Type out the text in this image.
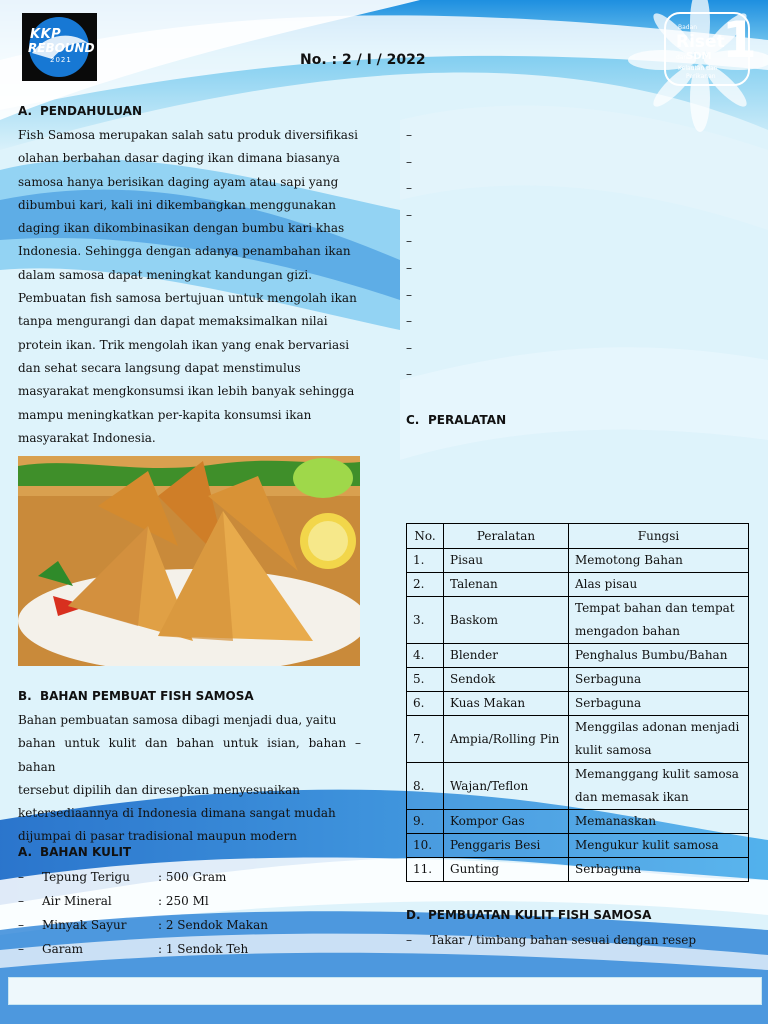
KKP
REBOUND
2021	No. : 2 / I / 2022
Badan
Riset
dan
SDM
Kelautan dan
Perikanan
1
A. PENDAHULUAN
Fish Samosa merupakan salah satu produk diversifikasi
olahan berbahan dasar daging ikan dimana biasanya
samosa hanya berisikan daging ayam atau sapi yang
dibumbui kari, kali ini dikembangkan menggunakan
daging ikan dikombinasikan dengan bumbu kari khas
Indonesia. Sehingga dengan adanya penambahan ikan
dalam samosa dapat meningkat kandungan gizi.
Pembuatan fish samosa bertujuan untuk mengolah ikan
tanpa mengurangi dan dapat memaksimalkan nilai
protein ikan. Trik mengolah ikan yang enak bervariasi
dan sehat secara langsung dapat menstimulus
masyarakat mengkonsumsi ikan lebih banyak sehingga
mampu meningkatkan per-kapita konsumsi ikan
masyarakat Indonesia.
B. BAHAN PEMBUAT FISH SAMOSA
Bahan pembuatan samosa dibagi menjadi dua, yaitu
bahan untuk kulit dan bahan untuk isian, bahan – bahan
tersebut dipilih dan diresepkan menyesuaikan
ketersediaannya di Indonesia dimana sangat mudah
dijumpai di pasar tradisional maupun modern
A. BAHAN KULIT
– Tepung Terigu : 500 Gram
– Air Mineral	: 250 Ml
– Minyak Sayur	: 2 Sendok Makan
– Garam	: 1 Sendok Teh
–
–
–
–
–
–
–
–
–
–
C. PERALATAN
No.	Peralatan	Fungsi
1.	Pisau	Memotong Bahan
2.	Talenan	Alas pisau
3.	Baskom	Tempat bahan dan tempat mengadon bahan
4.	Blender	Penghalus Bumbu/Bahan
5.	Sendok	Serbaguna
6.	Kuas Makan	Serbaguna
7.	Ampia/Rolling Pin	Menggilas adonan menjadi kulit samosa
8.	Wajan/Teflon	Memanggang kulit samosa dan memasak ikan
9.	Kompor Gas	Memanaskan
10.	Penggaris Besi	Mengukur kulit samosa
11.	Gunting	Serbaguna
D. PEMBUATAN KULIT FISH SAMOSA
– Takar / timbang bahan sesuai dengan resep
